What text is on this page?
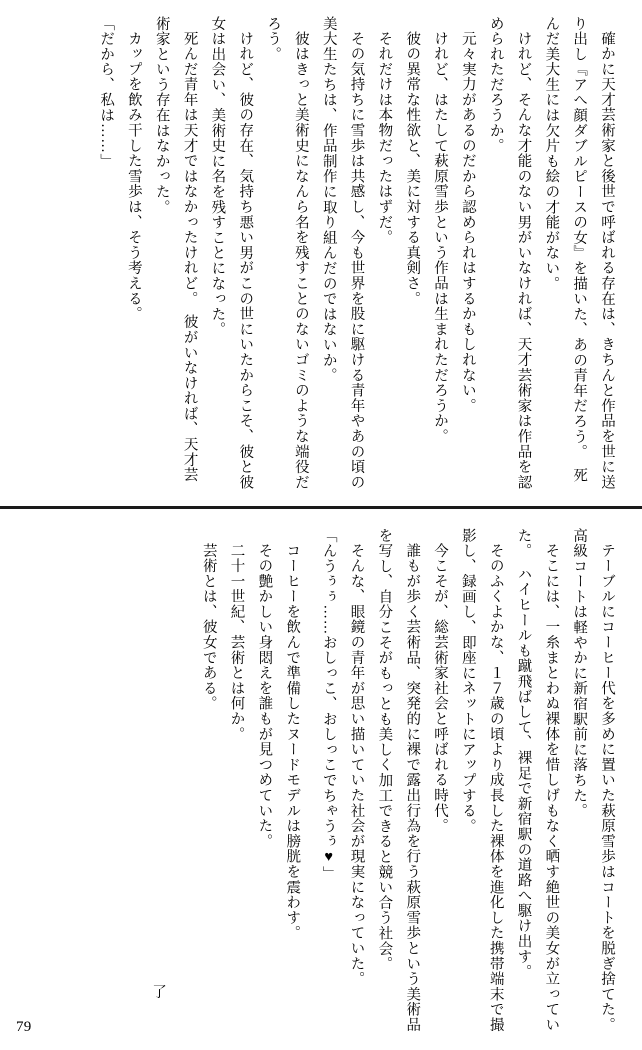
確かに天才芸術家と後世で呼ばれる存在は、きちんと作品を世に送り出し『アへ顔ダブルピースの女』を描いた、あの青年だろう。　死んだ美大生には欠片も絵の才能がない。

けれど、そんな才能のない男がいなければ、天才芸術家は作品を認められただろうか。

元々実力があるのだから認められはするかもしれない。

けれど、はたして萩原雪歩という作品は生まれただろうか。

彼の異常な性欲と、美に対する真剣さ。

それだけは本物だったはずだ。

その気持ちに雪歩は共感し、今も世界を股に駆ける青年やあの頃の美大生たちは、作品制作に取り組んだのではないか。

彼はきっと美術史になんら名を残すことのないゴミのような端役だろう。

けれど、彼の存在、気持ち悪い男がこの世にいたからこそ、彼と彼女は出会い、美術史に名を残すことになった。

死んだ青年は天才ではなかったけれど。　彼がいなければ、天才芸術家という存在はなかった。

カップを飲み干した雪歩は、そう考える。

「だから、私は……」

テーブルにコーヒー代を多めに置いた萩原雪歩はコートを脱ぎ捨てた。　高級コートは軽やかに新宿駅前に落ちた。

そこには、一糸まとわぬ裸体を惜しげもなく晒す絶世の美女が立っていた。　ハイヒールも蹴飛ばして、裸足で新宿駅の道路へ駆け出す。

そのふくよかな、１７歳の頃より成長した裸体を進化した携帯端末で撮影し、録画し、即座にネットにアップする。

今こそが、総芸術家社会と呼ばれる時代。

誰もが歩く芸術品、突発的に裸で露出行為を行う萩原雪歩という美術品を写し、自分こそがもっとも美しく加工できると競い合う社会。

そんな、眼鏡の青年が思い描いていた社会が現実になっていた。

「んうぅぅ……おしっこ、おしっこでちゃうぅ♥」

コーヒーを飲んで準備したヌードモデルは膀胱を震わす。

その艶かしい身悶えを誰もが見つめていた。

二十一世紀、芸術とは何か。

芸術とは、彼女である。

了
79
